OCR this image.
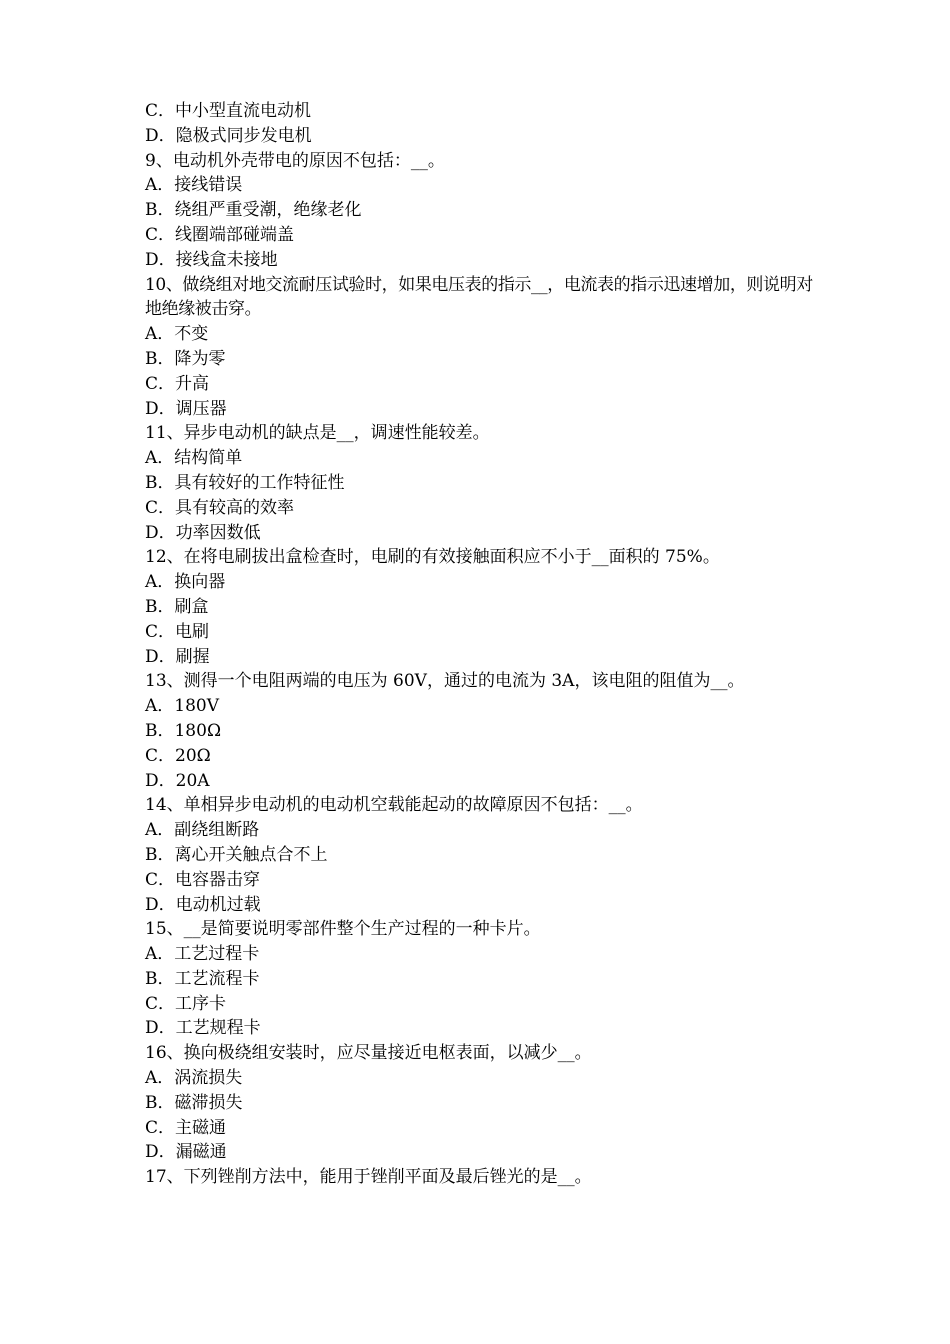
C．中小型直流电动机
D．隐极式同步发电机
9、电动机外壳带电的原因不包括：__。
A．接线错误
B．绕组严重受潮，绝缘老化
C．线圈端部碰端盖
D．接线盒未接地
10、做绕组对地交流耐压试验时，如果电压表的指示__，电流表的指示迅速增加，则说明对地绝缘被击穿。
A．不变
B．降为零
C．升高
D．调压器
11、异步电动机的缺点是__，调速性能较差。
A．结构简单
B．具有较好的工作特征性
C．具有较高的效率
D．功率因数低
12、在将电刷拔出盒检查时，电刷的有效接触面积应不小于__面积的 75%。
A．换向器
B．刷盒
C．电刷
D．刷握
13、测得一个电阻两端的电压为 60V，通过的电流为 3A，该电阻的阻值为__。
A．180V
B．180Ω
C．20Ω
D．20A
14、单相异步电动机的电动机空载能起动的故障原因不包括：__。
A．副绕组断路
B．离心开关触点合不上
C．电容器击穿
D．电动机过载
15、__是简要说明零部件整个生产过程的一种卡片。
A．工艺过程卡
B．工艺流程卡
C．工序卡
D．工艺规程卡
16、换向极绕组安装时，应尽量接近电枢表面，以减少__。
A．涡流损失
B．磁滞损失
C．主磁通
D．漏磁通
17、下列锉削方法中，能用于锉削平面及最后锉光的是__。
